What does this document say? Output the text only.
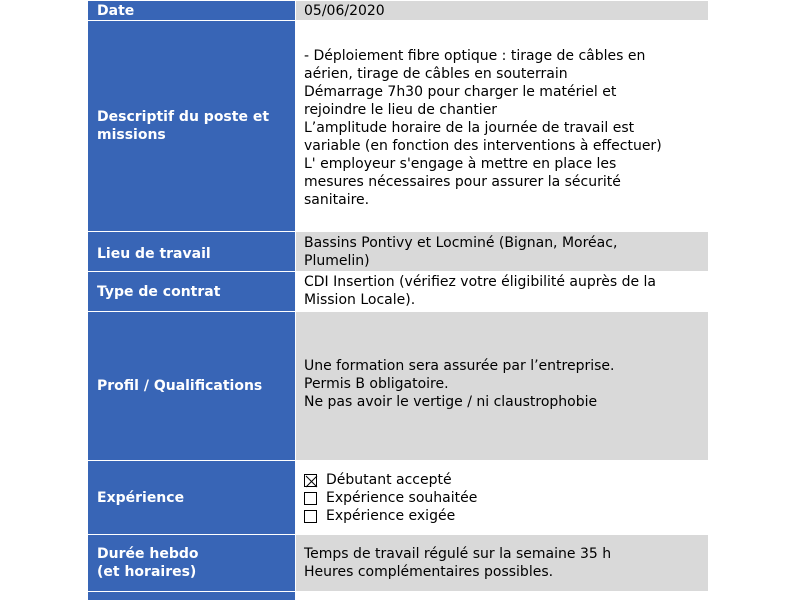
Date	05/06/2020
Descriptif du poste et
missions
- Déploiement fibre optique : tirage de câbles en
aérien, tirage de câbles en souterrain
Démarrage 7h30 pour charger le matériel et
rejoindre le lieu de chantier
L’amplitude horaire de la journée de travail est
variable (en fonction des interventions à effectuer)
L' employeur s'engage à mettre en place les
mesures nécessaires pour assurer la sécurité
sanitaire.
Lieu de travail
Bassins Pontivy et Locminé (Bignan, Moréac,
Plumelin)
Type de contrat
CDI Insertion (vérifiez votre éligibilité auprès de la
Mission Locale).
Profil / Qualifications
Une formation sera assurée par l’entreprise.
Permis B obligatoire.
Ne pas avoir le vertige / ni claustrophobie
Expérience
Débutant accepté
Expérience souhaitée
Expérience exigée
Durée hebdo
(et horaires)
Temps de travail régulé sur la semaine 35 h
Heures complémentaires possibles.
